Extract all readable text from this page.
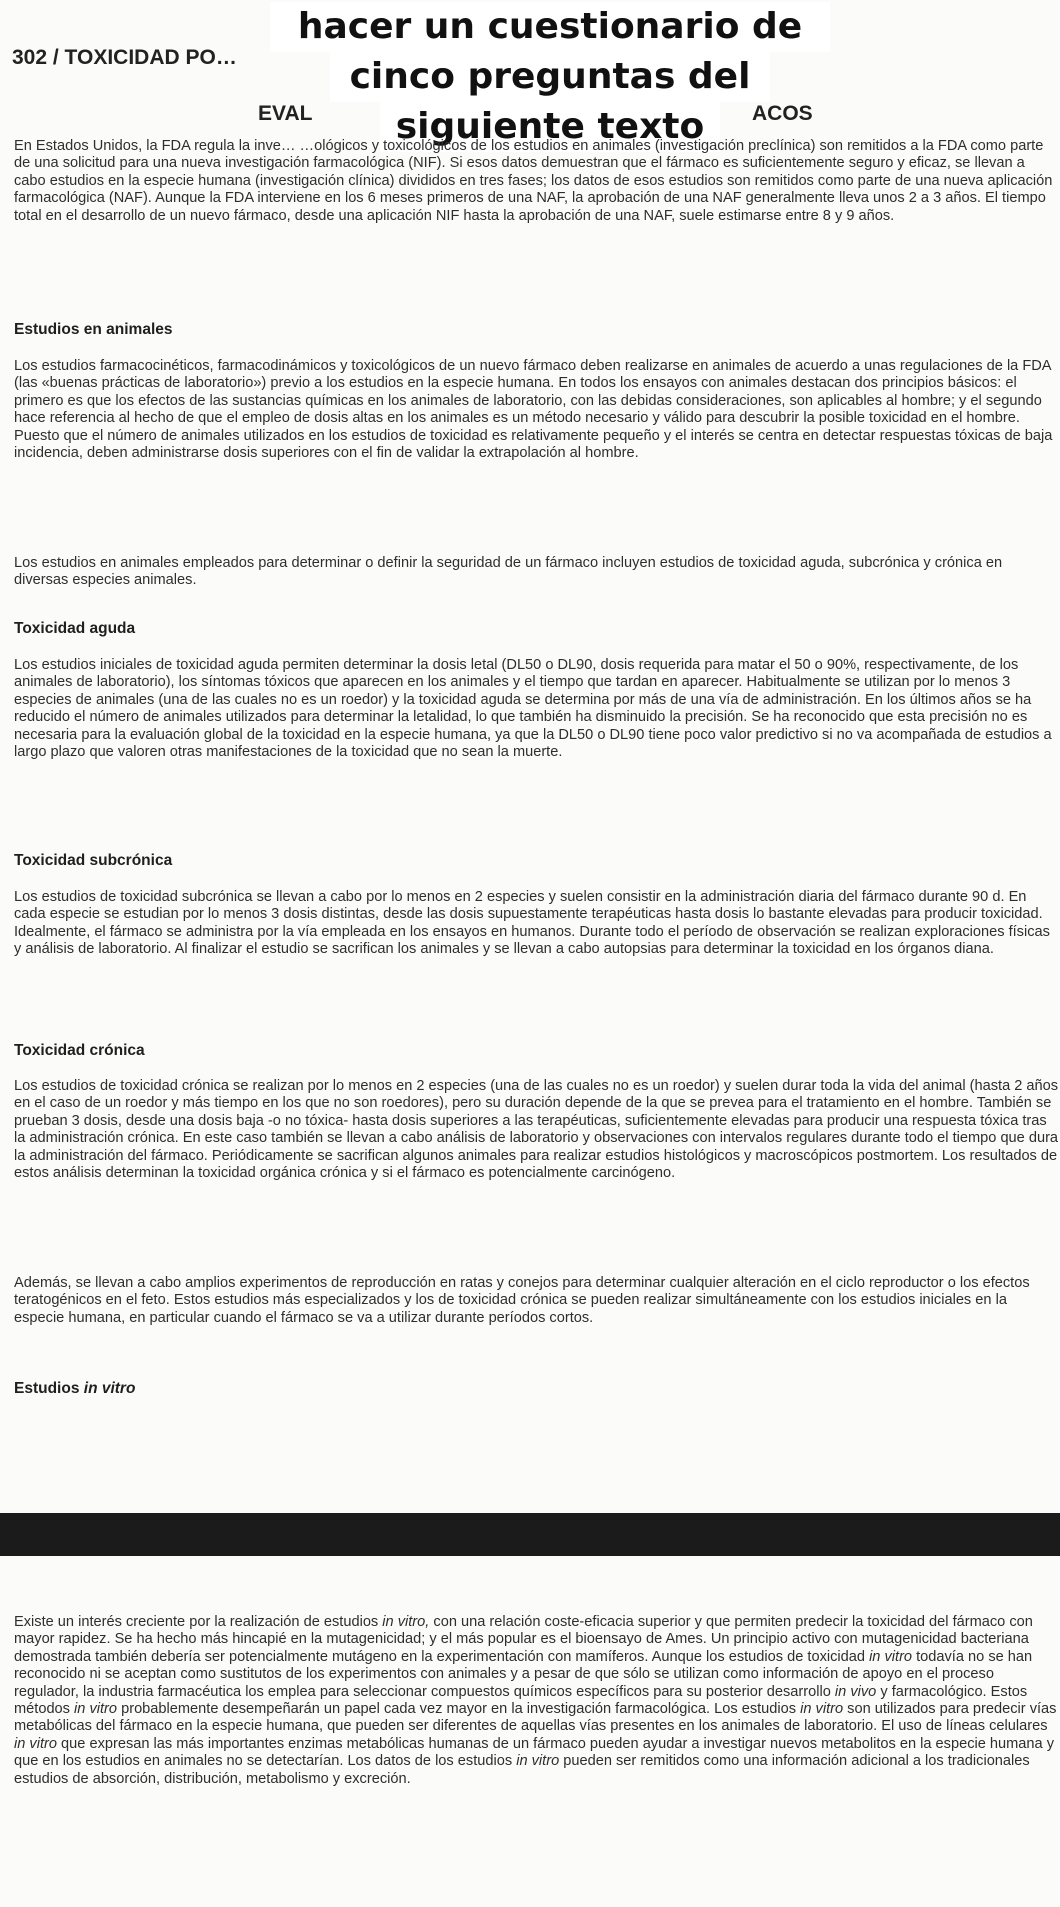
302 / TOXICIDAD PO…
EVAL	ACOS
hacer un cuestionario de
cinco preguntas del
siguiente texto

En Estados Unidos, la FDA regula la inve… …ológicos y toxicológicos de los estudios en animales (investigación preclínica) son remitidos a la FDA como parte de una solicitud para una nueva investigación farmacológica (NIF). Si esos datos demuestran que el fármaco es suficientemente seguro y eficaz, se llevan a cabo estudios en la especie humana (investigación clínica) divididos en tres fases; los datos de esos estudios son remitidos como parte de una nueva aplicación farmacológica (NAF). Aunque la FDA interviene en los 6 meses primeros de una NAF, la aprobación de una NAF generalmente lleva unos 2 a 3 años. El tiempo total en el desarrollo de un nuevo fármaco, desde una aplicación NIF hasta la aprobación de una NAF, suele estimarse entre 8 y 9 años.

Estudios en animales

Los estudios farmacocinéticos, farmacodinámicos y toxicológicos de un nuevo fármaco deben realizarse en animales de acuerdo a unas regulaciones de la FDA (las «buenas prácticas de laboratorio») previo a los estudios en la especie humana. En todos los ensayos con animales destacan dos principios básicos: el primero es que los efectos de las sustancias químicas en los animales de laboratorio, con las debidas consideraciones, son aplicables al hombre; y el segundo hace referencia al hecho de que el empleo de dosis altas en los animales es un método necesario y válido para descubrir la posible toxicidad en el hombre. Puesto que el número de animales utilizados en los estudios de toxicidad es relativamente pequeño y el interés se centra en detectar respuestas tóxicas de baja incidencia, deben administrarse dosis superiores con el fin de validar la extrapolación al hombre.

Los estudios en animales empleados para determinar o definir la seguridad de un fármaco incluyen estudios de toxicidad aguda, subcrónica y crónica en diversas especies animales.

Toxicidad aguda

Los estudios iniciales de toxicidad aguda permiten determinar la dosis letal (DL50 o DL90, dosis requerida para matar el 50 o 90%, respectivamente, de los animales de laboratorio), los síntomas tóxicos que aparecen en los animales y el tiempo que tardan en aparecer. Habitualmente se utilizan por lo menos 3 especies de animales (una de las cuales no es un roedor) y la toxicidad aguda se determina por más de una vía de administración. En los últimos años se ha reducido el número de animales utilizados para determinar la letalidad, lo que también ha disminuido la precisión. Se ha reconocido que esta precisión no es necesaria para la evaluación global de la toxicidad en la especie humana, ya que la DL50 o DL90 tiene poco valor predictivo si no va acompañada de estudios a largo plazo que valoren otras manifestaciones de la toxicidad que no sean la muerte.

Toxicidad subcrónica

Los estudios de toxicidad subcrónica se llevan a cabo por lo menos en 2 especies y suelen consistir en la administración diaria del fármaco durante 90 d. En cada especie se estudian por lo menos 3 dosis distintas, desde las dosis supuestamente terapéuticas hasta dosis lo bastante elevadas para producir toxicidad. Idealmente, el fármaco se administra por la vía empleada en los ensayos en humanos. Durante todo el período de observación se realizan exploraciones físicas y análisis de laboratorio. Al finalizar el estudio se sacrifican los animales y se llevan a cabo autopsias para determinar la toxicidad en los órganos diana.

Toxicidad crónica

Los estudios de toxicidad crónica se realizan por lo menos en 2 especies (una de las cuales no es un roedor) y suelen durar toda la vida del animal (hasta 2 años en el caso de un roedor y más tiempo en los que no son roedores), pero su duración depende de la que se prevea para el tratamiento en el hombre. También se prueban 3 dosis, desde una dosis baja -o no tóxica- hasta dosis superiores a las terapéuticas, suficientemente elevadas para producir una respuesta tóxica tras la administración crónica. En este caso también se llevan a cabo análisis de laboratorio y observaciones con intervalos regulares durante todo el tiempo que dura la administración del fármaco. Periódicamente se sacrifican algunos animales para realizar estudios histológicos y macroscópicos postmortem. Los resultados de estos análisis determinan la toxicidad orgánica crónica y si el fármaco es potencialmente carcinógeno.

Además, se llevan a cabo amplios experimentos de reproducción en ratas y conejos para determinar cualquier alteración en el ciclo reproductor o los efectos teratogénicos en el feto. Estos estudios más especializados y los de toxicidad crónica se pueden realizar simultáneamente con los estudios iniciales en la especie humana, en particular cuando el fármaco se va a utilizar durante períodos cortos.

Estudios in vitro

Existe un interés creciente por la realización de estudios in vitro, con una relación coste-eficacia superior y que permiten predecir la toxicidad del fármaco con mayor rapidez. Se ha hecho más hincapié en la mutagenicidad; y el más popular es el bioensayo de Ames. Un principio activo con mutagenicidad bacteriana demostrada también debería ser potencialmente mutágeno en la experimentación con mamíferos. Aunque los estudios de toxicidad in vitro todavía no se han reconocido ni se aceptan como sustitutos de los experimentos con animales y a pesar de que sólo se utilizan como información de apoyo en el proceso regulador, la industria farmacéutica los emplea para seleccionar compuestos químicos específicos para su posterior desarrollo in vivo y farmacológico. Estos métodos in vitro probablemente desempeñarán un papel cada vez mayor en la investigación farmacológica. Los estudios in vitro son utilizados para predecir vías metabólicas del fármaco en la especie humana, que pueden ser diferentes de aquellas vías presentes en los animales de laboratorio. El uso de líneas celulares in vitro que expresan las más importantes enzimas metabólicas humanas de un fármaco pueden ayudar a investigar nuevos metabolitos en la especie humana y que en los estudios en animales no se detectarían. Los datos de los estudios in vitro pueden ser remitidos como una información adicional a los tradicionales estudios de absorción, distribución, metabolismo y excreción.
